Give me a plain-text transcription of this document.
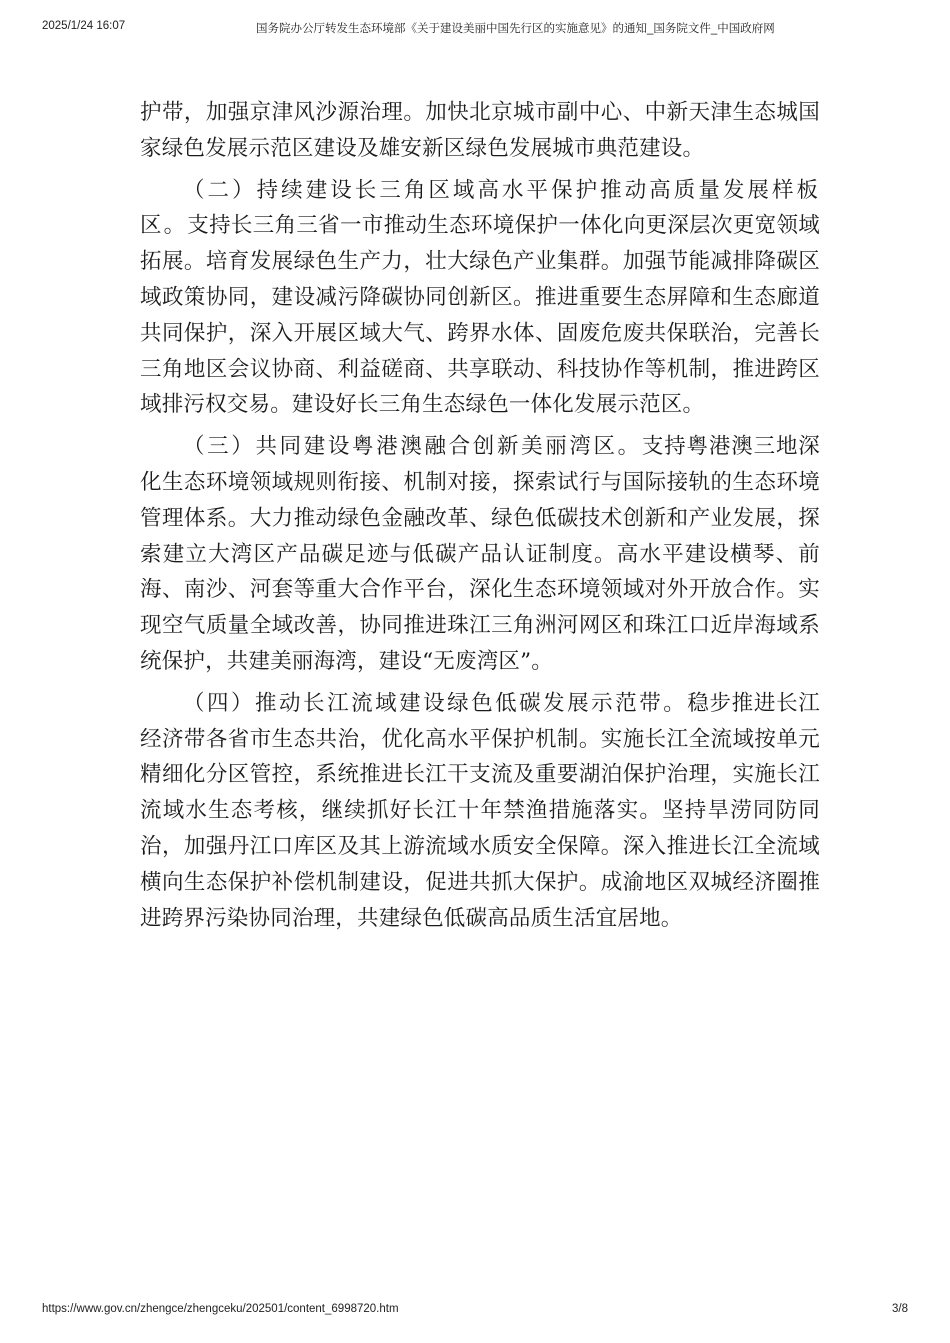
2025/1/24 16:07	国务院办公厅转发生态环境部《关于建设美丽中国先行区的实施意见》的通知_国务院文件_中国政府网

护带，加强京津风沙源治理。加快北京城市副中心、中新天津生态城国家绿色发展示范区建设及雄安新区绿色发展城市典范建设。

（二）持续建设长三角区域高水平保护推动高质量发展样板区。支持长三角三省一市推动生态环境保护一体化向更深层次更宽领域拓展。培育发展绿色生产力，壮大绿色产业集群。加强节能减排降碳区域政策协同，建设减污降碳协同创新区。推进重要生态屏障和生态廊道共同保护，深入开展区域大气、跨界水体、固废危废共保联治，完善长三角地区会议协商、利益磋商、共享联动、科技协作等机制，推进跨区域排污权交易。建设好长三角生态绿色一体化发展示范区。

（三）共同建设粤港澳融合创新美丽湾区。支持粤港澳三地深化生态环境领域规则衔接、机制对接，探索试行与国际接轨的生态环境管理体系。大力推动绿色金融改革、绿色低碳技术创新和产业发展，探索建立大湾区产品碳足迹与低碳产品认证制度。高水平建设横琴、前海、南沙、河套等重大合作平台，深化生态环境领域对外开放合作。实现空气质量全域改善，协同推进珠江三角洲河网区和珠江口近岸海域系统保护，共建美丽海湾，建设“无废湾区”。

（四）推动长江流域建设绿色低碳发展示范带。稳步推进长江经济带各省市生态共治，优化高水平保护机制。实施长江全流域按单元精细化分区管控，系统推进长江干支流及重要湖泊保护治理，实施长江流域水生态考核，继续抓好长江十年禁渔措施落实。坚持旱涝同防同治，加强丹江口库区及其上游流域水质安全保障。深入推进长江全流域横向生态保护补偿机制建设，促进共抓大保护。成渝地区双城经济圈推进跨界污染协同治理，共建绿色低碳高品质生活宜居地。

https://www.gov.cn/zhengce/zhengceku/202501/content_6998720.htm	3/8
